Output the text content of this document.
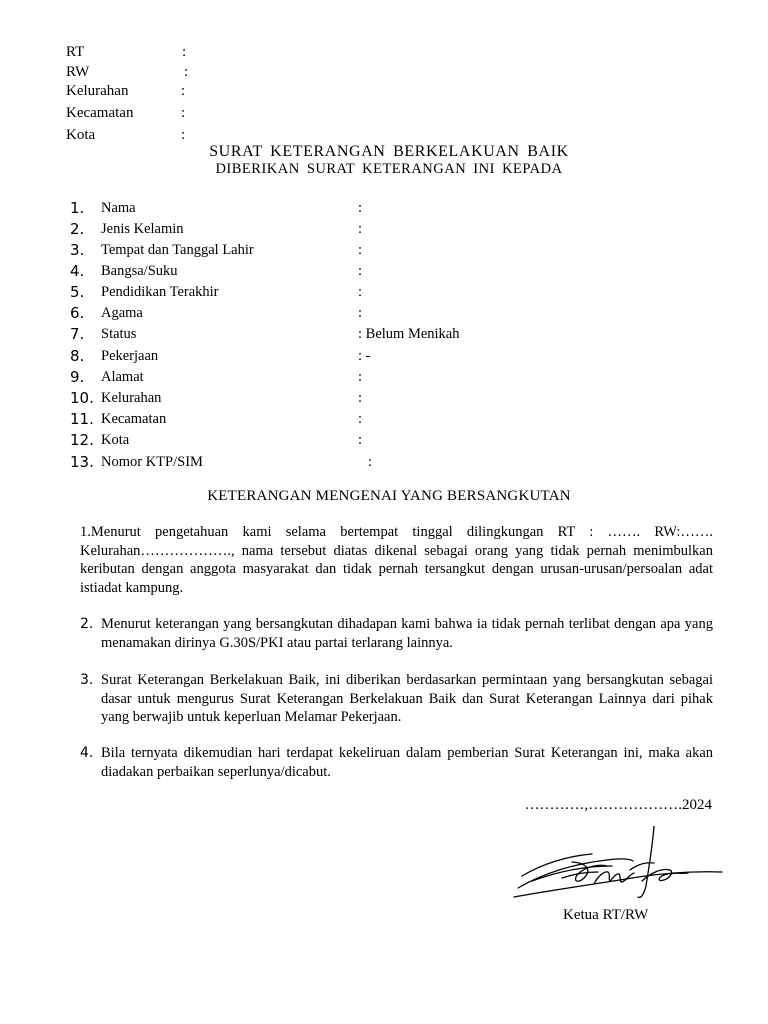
RT	:
RW	:
Kelurahan	:
Kecamatan	:
Kota	:
SURAT KETERANGAN BERKELAKUAN BAIK
DIBERIKAN SURAT KETERANGAN INI KEPADA
1. Nama	:
2. Jenis Kelamin	:
3. Tempat dan Tanggal Lahir	:
4. Bangsa/Suku	:
5. Pendidikan Terakhir	:
6. Agama	:
7. Status	: Belum Menikah
8. Pekerjaan	: -
9. Alamat	:
10. Kelurahan	:
11. Kecamatan	:
12. Kota	:
13. Nomor KTP/SIM	:
KETERANGAN MENGENAI YANG BERSANGKUTAN
1.Menurut pengetahuan kami selama bertempat tinggal dilingkungan RT : ……. RW:……. Kelurahan………………., nama tersebut diatas dikenal sebagai orang yang tidak pernah menimbulkan keributan dengan anggota masyarakat dan tidak pernah tersangkut dengan urusan-urusan/persoalan adat istiadat kampung.
2. Menurut keterangan yang bersangkutan dihadapan kami bahwa ia tidak pernah terlibat dengan apa yang menamakan dirinya G.30S/PKI atau partai terlarang lainnya.
3. Surat Keterangan Berkelakuan Baik, ini diberikan berdasarkan permintaan yang bersangkutan sebagai dasar untuk mengurus Surat Keterangan Berkelakuan Baik dan Surat Keterangan Lainnya dari pihak yang berwajib untuk keperluan Melamar Pekerjaan.
4. Bila ternyata dikemudian hari terdapat kekeliruan dalam pemberian Surat Keterangan ini, maka akan diadakan perbaikan seperlunya/dicabut.
…………,……………….2024
Ketua RT/RW
